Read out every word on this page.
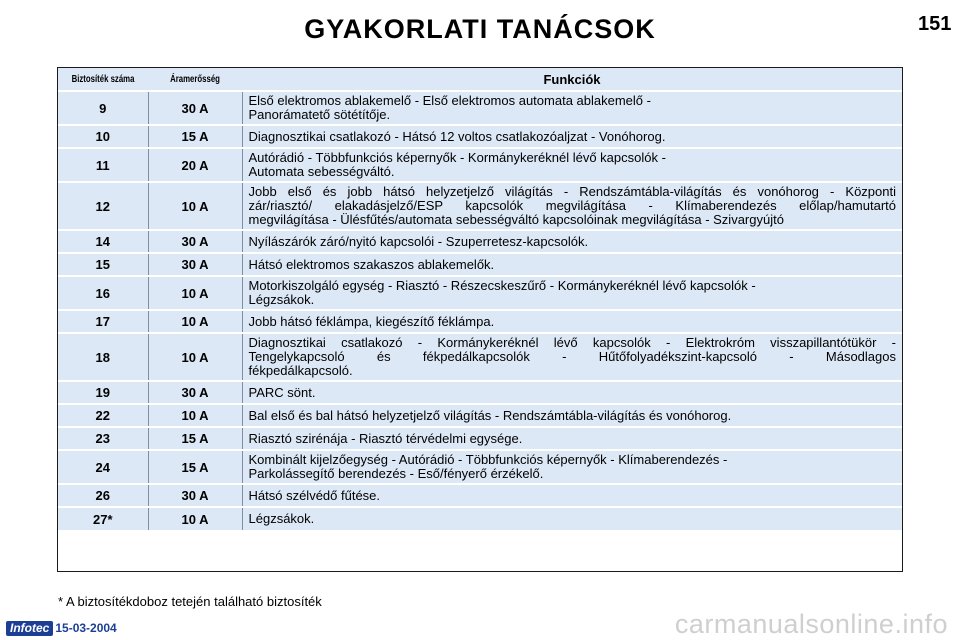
GYAKORLATI TANÁCSOK	151
Biztosíték száma	Áramerősség	Funkciók
9	30 A	Első elektromos ablakemelő - Első elektromos automata ablakemelő -
Panorámatető sötétítője.

10	15 A	Diagnosztikai csatlakozó - Hátsó 12 voltos csatlakozóaljzat - Vonóhorog.

11	20 A	Autórádió - Többfunkciós képernyők - Kormánykeréknél lévő kapcsolók -
Automata sebességváltó.

12	10 A	Jobb első és jobb hátsó helyzetjelző világítás - Rendszámtábla-világítás és vonóhorog - Központi
zár/riasztó/ elakadásjelző/ESP kapcsolók megvilágítása - Klímaberendezés előlap/hamutartó
megvilágítása - Ülésfűtés/automata sebességváltó kapcsolóinak megvilágítása - Szivargyújtó

14	30 A	Nyílászárók záró/nyitó kapcsolói - Szuperretesz-kapcsolók.

15	30 A	Hátsó elektromos szakaszos ablakemelők.

16	10 A	Motorkiszolgáló egység - Riasztó - Részecskeszűrő - Kormánykeréknél lévő kapcsolók -
Légzsákok.

17	10 A	Jobb hátsó féklámpa, kiegészítő féklámpa.

18	10 A	Diagnosztikai csatlakozó - Kormánykeréknél lévő kapcsolók - Elektrokróm visszapillantótükör -
Tengelykapcsoló és fékpedálkapcsolók - Hűtőfolyadékszint-kapcsoló - Másodlagos
fékpedálkapcsoló.

19	30 A	PARC sönt.

22	10 A	Bal első és bal hátsó helyzetjelző világítás - Rendszámtábla-világítás és vonóhorog.

23	15 A	Riasztó szirénája - Riasztó térvédelmi egysége.

24	15 A	Kombinált kijelzőegység - Autórádió - Többfunkciós képernyők - Klímaberendezés -
Parkolássegítő berendezés - Eső/fényerő érzékelő.

26	30 A	Hátsó szélvédő fűtése.

27*	10 A	Légzsákok.
* A biztosítékdoboz tetején található biztosíték
Infotec 15-03-2004	carmanualsonline.info
